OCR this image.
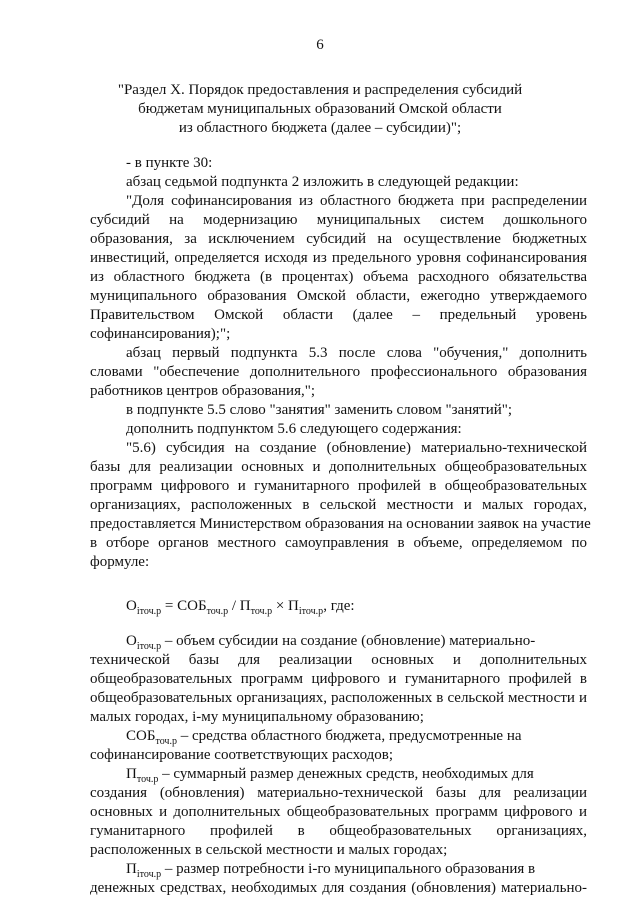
6
"Раздел X. Порядок предоставления и распределения субсидий
бюджетам муниципальных образований Омской области
из областного бюджета (далее – субсидии)";
- в пункте 30:
абзац седьмой подпункта 2 изложить в следующей редакции:
"Доля софинансирования из областного бюджета при распределении
субсидий на модернизацию муниципальных систем дошкольного
образования, за исключением субсидий на осуществление бюджетных
инвестиций, определяется исходя из предельного уровня софинансирования
из областного бюджета (в процентах) объема расходного обязательства
муниципального образования Омской области, ежегодно утверждаемого
Правительством Омской области (далее – предельный уровень
софинансирования);";
абзац первый подпункта 5.3 после слова "обучения," дополнить
словами "обеспечение дополнительного профессионального образования
работников центров образования,";
в подпункте 5.5 слово "занятия" заменить словом "занятий";
дополнить подпунктом 5.6 следующего содержания:
"5.6) субсидия на создание (обновление) материально-технической
базы для реализации основных и дополнительных общеобразовательных
программ цифрового и гуманитарного профилей в общеобразовательных
организациях, расположенных в сельской местности и малых городах,
предоставляется Министерством образования на основании заявок на участие
в отборе органов местного самоуправления в объеме, определяемом по
формуле:
$O_{iточ.р} = СОБ_{точ.р} / П_{точ.р} \times П_{iточ.р}$, где:
$O_{iточ.р}$ – объем субсидии на создание (обновление) материально-
технической базы для реализации основных и дополнительных
общеобразовательных программ цифрового и гуманитарного профилей в
общеобразовательных организациях, расположенных в сельской местности и
малых городах, i-му муниципальному образованию;
$СОБ_{точ.р}$ – средства областного бюджета, предусмотренные на
софинансирование соответствующих расходов;
$П_{точ.р}$ – суммарный размер денежных средств, необходимых для
создания (обновления) материально-технической базы для реализации
основных и дополнительных общеобразовательных программ цифрового и
гуманитарного профилей в общеобразовательных организациях,
расположенных в сельской местности и малых городах;
$П_{iточ.р}$ – размер потребности i-го муниципального образования в
денежных средствах, необходимых для создания (обновления) материально-
